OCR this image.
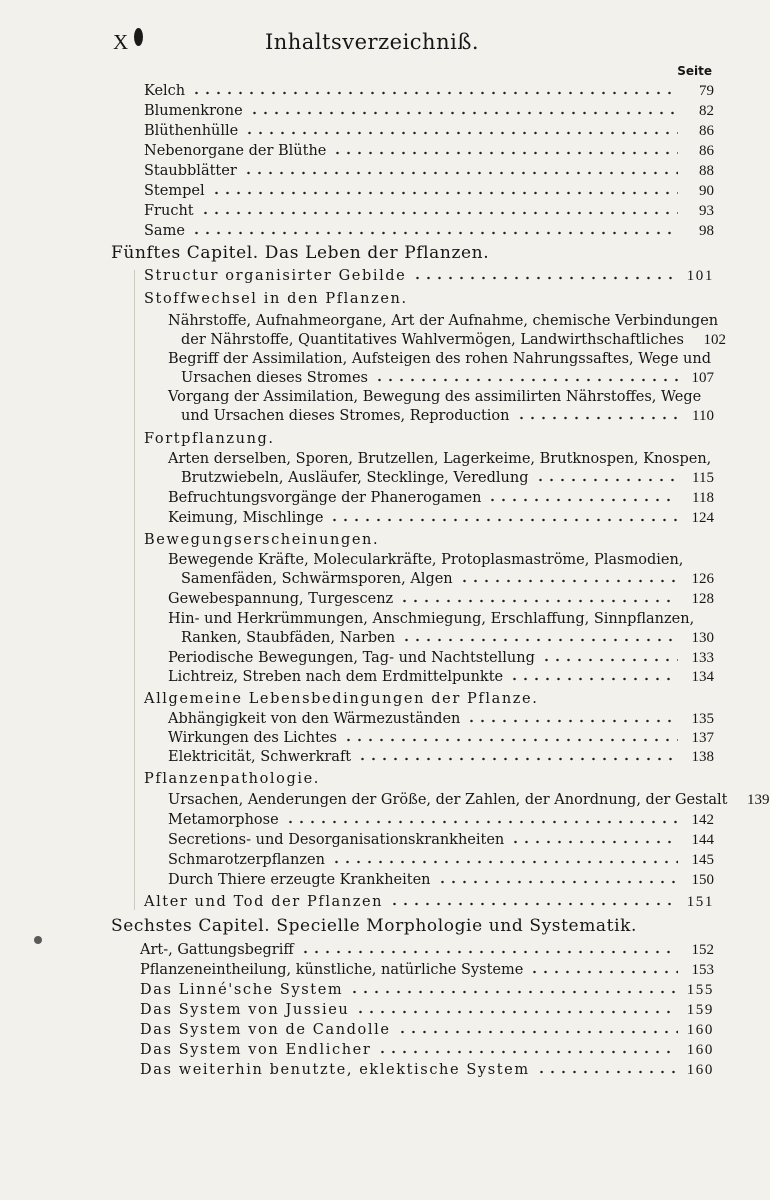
X	Inhaltsverzeichniß.
Seite
Kelch	79
Blumenkrone	82
Blüthenhülle	86
Nebenorgane der Blüthe	86
Staubblätter	88
Stempel	90
Frucht	93
Same	98
Fünftes Capitel. Das Leben der Pflanzen.
Structur organisirter Gebilde	101
Stoffwechsel in den Pflanzen.
Nährstoffe, Aufnahmeorgane, Art der Aufnahme, chemische Verbindungen
der Nährstoffe, Quantitatives Wahlvermögen, Landwirthschaftliches	102
Begriff der Assimilation, Aufsteigen des rohen Nahrungssaftes, Wege und
Ursachen dieses Stromes	107
Vorgang der Assimilation, Bewegung des assimilirten Nährstoffes, Wege
und Ursachen dieses Stromes, Reproduction	110
Fortpflanzung.
Arten derselben, Sporen, Brutzellen, Lagerkeime, Brutknospen, Knospen,
Brutzwiebeln, Ausläufer, Stecklinge, Veredlung	115
Befruchtungsvorgänge der Phanerogamen	118
Keimung, Mischlinge	124
Bewegungserscheinungen.
Bewegende Kräfte, Molecularkräfte, Protoplasmaströme, Plasmodien,
Samenfäden, Schwärmsporen, Algen	126
Gewebespannung, Turgescenz	128
Hin- und Herkrümmungen, Anschmiegung, Erschlaffung, Sinnpflanzen,
Ranken, Staubfäden, Narben	130
Periodische Bewegungen, Tag- und Nachtstellung	133
Lichtreiz, Streben nach dem Erdmittelpunkte	134
Allgemeine Lebensbedingungen der Pflanze.
Abhängigkeit von den Wärmezuständen	135
Wirkungen des Lichtes	137
Elektricität, Schwerkraft	138
Pflanzenpathologie.
Ursachen, Aenderungen der Größe, der Zahlen, der Anordnung, der Gestalt	139
Metamorphose	142
Secretions- und Desorganisationskrankheiten	144
Schmarotzerpflanzen	145
Durch Thiere erzeugte Krankheiten	150
Alter und Tod der Pflanzen	151
Sechstes Capitel. Specielle Morphologie und Systematik.
Art-, Gattungsbegriff	152
Pflanzeneintheilung, künstliche, natürliche Systeme	153
Das Linné'sche System	155
Das System von Jussieu	159
Das System von de Candolle	160
Das System von Endlicher	160
Das weiterhin benutzte, eklektische System	160
